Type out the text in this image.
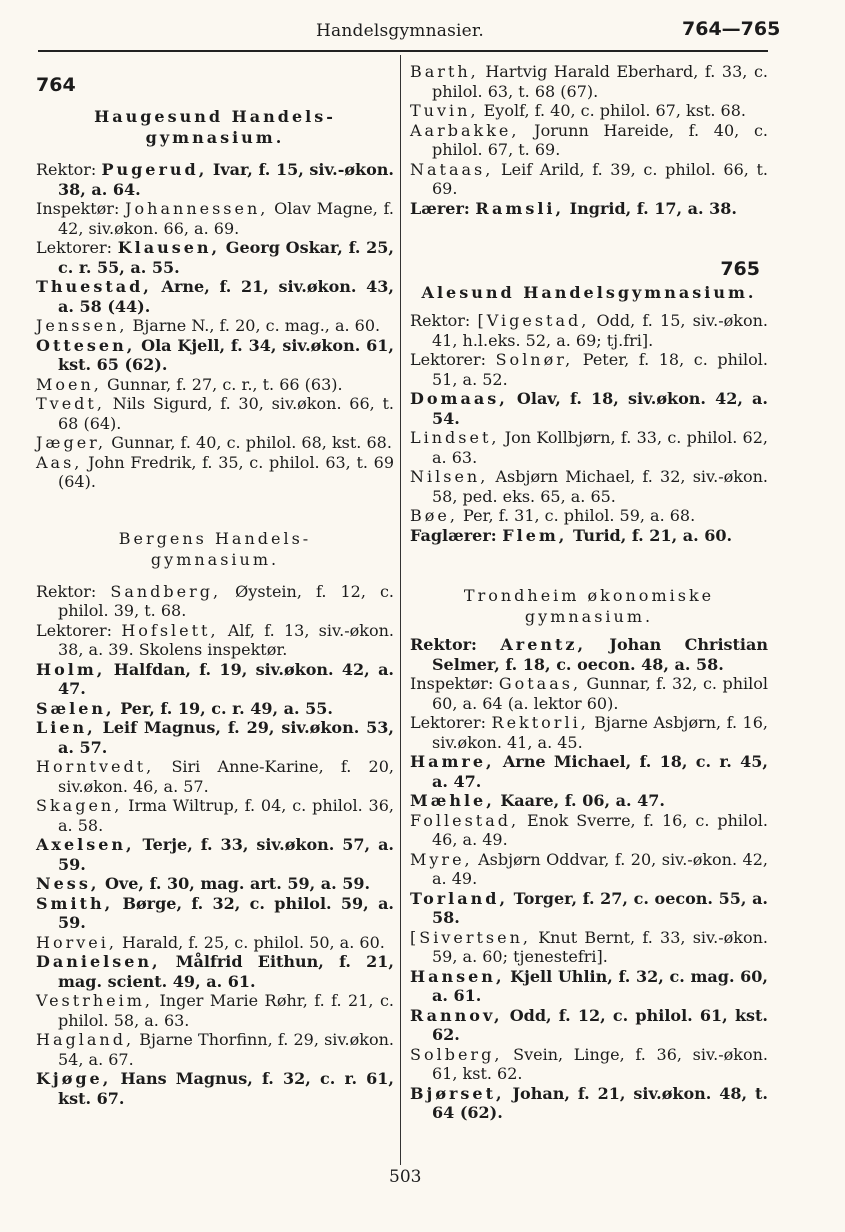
Handelsgymnasier.	764—765
764
Haugesund Handels-
gymnasium.
Rektor: Pugerud, Ivar, f. 15, siv.-økon. 38, a. 64.
Inspektør: Johannessen, Olav Magne, f. 42, siv.økon. 66, a. 69.
Lektorer: Klausen, Georg Oskar, f. 25, c. r. 55, a. 55.
Thuestad, Arne, f. 21, siv.økon. 43, a. 58 (44).
Jenssen, Bjarne N., f. 20, c. mag., a. 60.
Ottesen, Ola Kjell, f. 34, siv.økon. 61, kst. 65 (62).
Moen, Gunnar, f. 27, c. r., t. 66 (63).
Tvedt, Nils Sigurd, f. 30, siv.økon. 66, t. 68 (64).
Jæger, Gunnar, f. 40, c. philol. 68, kst. 68.
Aas, John Fredrik, f. 35, c. philol. 63, t. 69 (64).
Bergens Handels-
gymnasium.
Rektor: Sandberg, Øystein, f. 12, c. philol. 39, t. 68.
Lektorer: Hofslett, Alf, f. 13, siv.-økon. 38, a. 39. Skolens inspektør.
Holm, Halfdan, f. 19, siv.økon. 42, a. 47.
Sælen, Per, f. 19, c. r. 49, a. 55.
Lien, Leif Magnus, f. 29, siv.økon. 53, a. 57.
Horntvedt, Siri Anne-Karine, f. 20, siv.økon. 46, a. 57.
Skagen, Irma Wiltrup, f. 04, c. philol. 36, a. 58.
Axelsen, Terje, f. 33, siv.økon. 57, a. 59.
Ness, Ove, f. 30, mag. art. 59, a. 59.
Smith, Børge, f. 32, c. philol. 59, a. 59.
Horvei, Harald, f. 25, c. philol. 50, a. 60.
Danielsen, Målfrid Eithun, f. 21, mag. scient. 49, a. 61.
Vestrheim, Inger Marie Røhr, f. f. 21, c. philol. 58, a. 63.
Hagland, Bjarne Thorfinn, f. 29, siv.økon. 54, a. 67.
Kjøge, Hans Magnus, f. 32, c. r. 61, kst. 67.
Barth, Hartvig Harald Eberhard, f. 33, c. philol. 63, t. 68 (67).
Tuvin, Eyolf, f. 40, c. philol. 67, kst. 68.
Aarbakke, Jorunn Hareide, f. 40, c. philol. 67, t. 69.
Nataas, Leif Arild, f. 39, c. philol. 66, t. 69.
Lærer: Ramsli, Ingrid, f. 17, a. 38.
765
Alesund Handelsgymnasium.
Rektor: [Vigestad, Odd, f. 15, siv.-økon. 41, h.l.eks. 52, a. 69; tj.fri].
Lektorer: Solnør, Peter, f. 18, c. philol. 51, a. 52.
Domaas, Olav, f. 18, siv.økon. 42, a. 54.
Lindset, Jon Kollbjørn, f. 33, c. philol. 62, a. 63.
Nilsen, Asbjørn Michael, f. 32, siv.-økon. 58, ped. eks. 65, a. 65.
Bøe, Per, f. 31, c. philol. 59, a. 68.
Faglærer: Flem, Turid, f. 21, a. 60.
Trondheim økonomiske
gymnasium.
Rektor: Arentz, Johan Christian Selmer, f. 18, c. oecon. 48, a. 58.
Inspektør: Gotaas, Gunnar, f. 32, c. philol 60, a. 64 (a. lektor 60).
Lektorer: Rektorli, Bjarne Asbjørn, f. 16, siv.økon. 41, a. 45.
Hamre, Arne Michael, f. 18, c. r. 45, a. 47.
Mæhle, Kaare, f. 06, a. 47.
Follestad, Enok Sverre, f. 16, c. philol. 46, a. 49.
Myre, Asbjørn Oddvar, f. 20, siv.-økon. 42, a. 49.
Torland, Torger, f. 27, c. oecon. 55, a. 58.
[Sivertsen, Knut Bernt, f. 33, siv.-økon. 59, a. 60; tjenestefri].
Hansen, Kjell Uhlin, f. 32, c. mag. 60, a. 61.
Rannov, Odd, f. 12, c. philol. 61, kst. 62.
Solberg, Svein, Linge, f. 36, siv.-økon. 61, kst. 62.
Bjørset, Johan, f. 21, siv.økon. 48, t. 64 (62).
503
